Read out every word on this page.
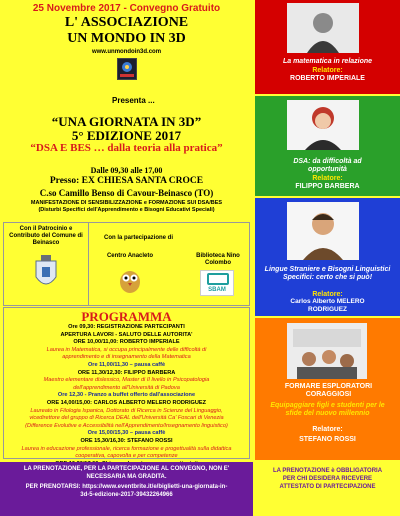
25 Novembre 2017 - Convegno Gratuito
L' ASSOCIAZIONE
UN MONDO IN 3D
www.unmondoin3d.com
Presenta ...
“UNA GIORNATA IN 3D”
5° EDIZIONE 2017
“DSA E BES … dalla teoria alla pratica”
Dalle 09,30 alle 17,00
Presso: EX CHIESA SANTA CROCE
C.so Camillo Benso di Cavour-Beinasco (TO)
MANIFESTAZIONE DI SENSIBILIZZAZIONE e FORMAZIONE SUI DSA/BES
(Disturbi Specifici dell'Apprendimento e Bisogni Educativi Speciali)
Con il Patrocinio e Contributo del Comune di Beinasco
Con la partecipazione di
Centro Anacleto	Biblioteca Nino Colombo
SBAM
PROGRAMMA

Ore 09,30: REGISTRAZIONE PARTECIPANTI

APERTURA LAVORI - SALUTO DELLE AUTORITA'

ORE 10,00/11,00: ROBERTO IMPERIALE

Laurea in Matematica, si occupa principalmente delle difficoltà di

apprendimento e di insegnamento della Matematica

Ore 11,00/11,30 – pausa caffè

ORE 11,30/12,30: FILIPPO BARBERA

Maestro elementare dislessico, Master di II livello in Psicopatologia

dell'apprendimento all'Università di Padova

Ore 12,30 - Pranzo a buffet offerto dall'associazione

ORE 14,00/15,00: CARLOS ALBERTO MELERO RODRIGUEZ

Laureato in Filologia Ispanica, Dottorato di Ricerca in Scienze del Linguaggio,

vicedirettore del gruppo di Ricerca DEAL dell'Università Ca' Foscari di Venezia

(Difference Evolutive e Accessibilità nell'Apprendimento/Insegnamento linguistico)

Ore 15,00/15,30 – pausa caffè

ORE 15,30/16,30: STEFANO ROSSI

Laurea in educazione professionale, ricerca formazione e progettualità sulla didattica

cooperativa, capovolta e per competenze

LA PRENOTAZIONE, PER LA PARTECIPAZIONE AL CONVEGNO, NON E'
NECESSARIA MA GRADITA.
PER PRENOTARSI: https://www.eventbrite.it/e/biglietti-una-giornata-in-
3d-5-edizione-2017-39432264966
La matematica in relazione
Relatore:
ROBERTO IMPERIALE
DSA: da difficoltà ad opportunità
Relatore:
FILIPPO BARBERA
Lingue Straniere e Bisogni Linguistici Specifici: certo che si può!
Relatore:
Carlos Alberto MELERO RODRIGUEZ
FORMARE ESPLORATORI CORAGGIOSI
Equipaggiare figli e studenti per le sfide del nuovo millennio
Relatore:
STEFANO ROSSI
LA PRENOTAZIONE è OBBLIGATORIA
PER CHI DESIDERA RICEVERE
ATTESTATO DI PARTECIPAZIONE
